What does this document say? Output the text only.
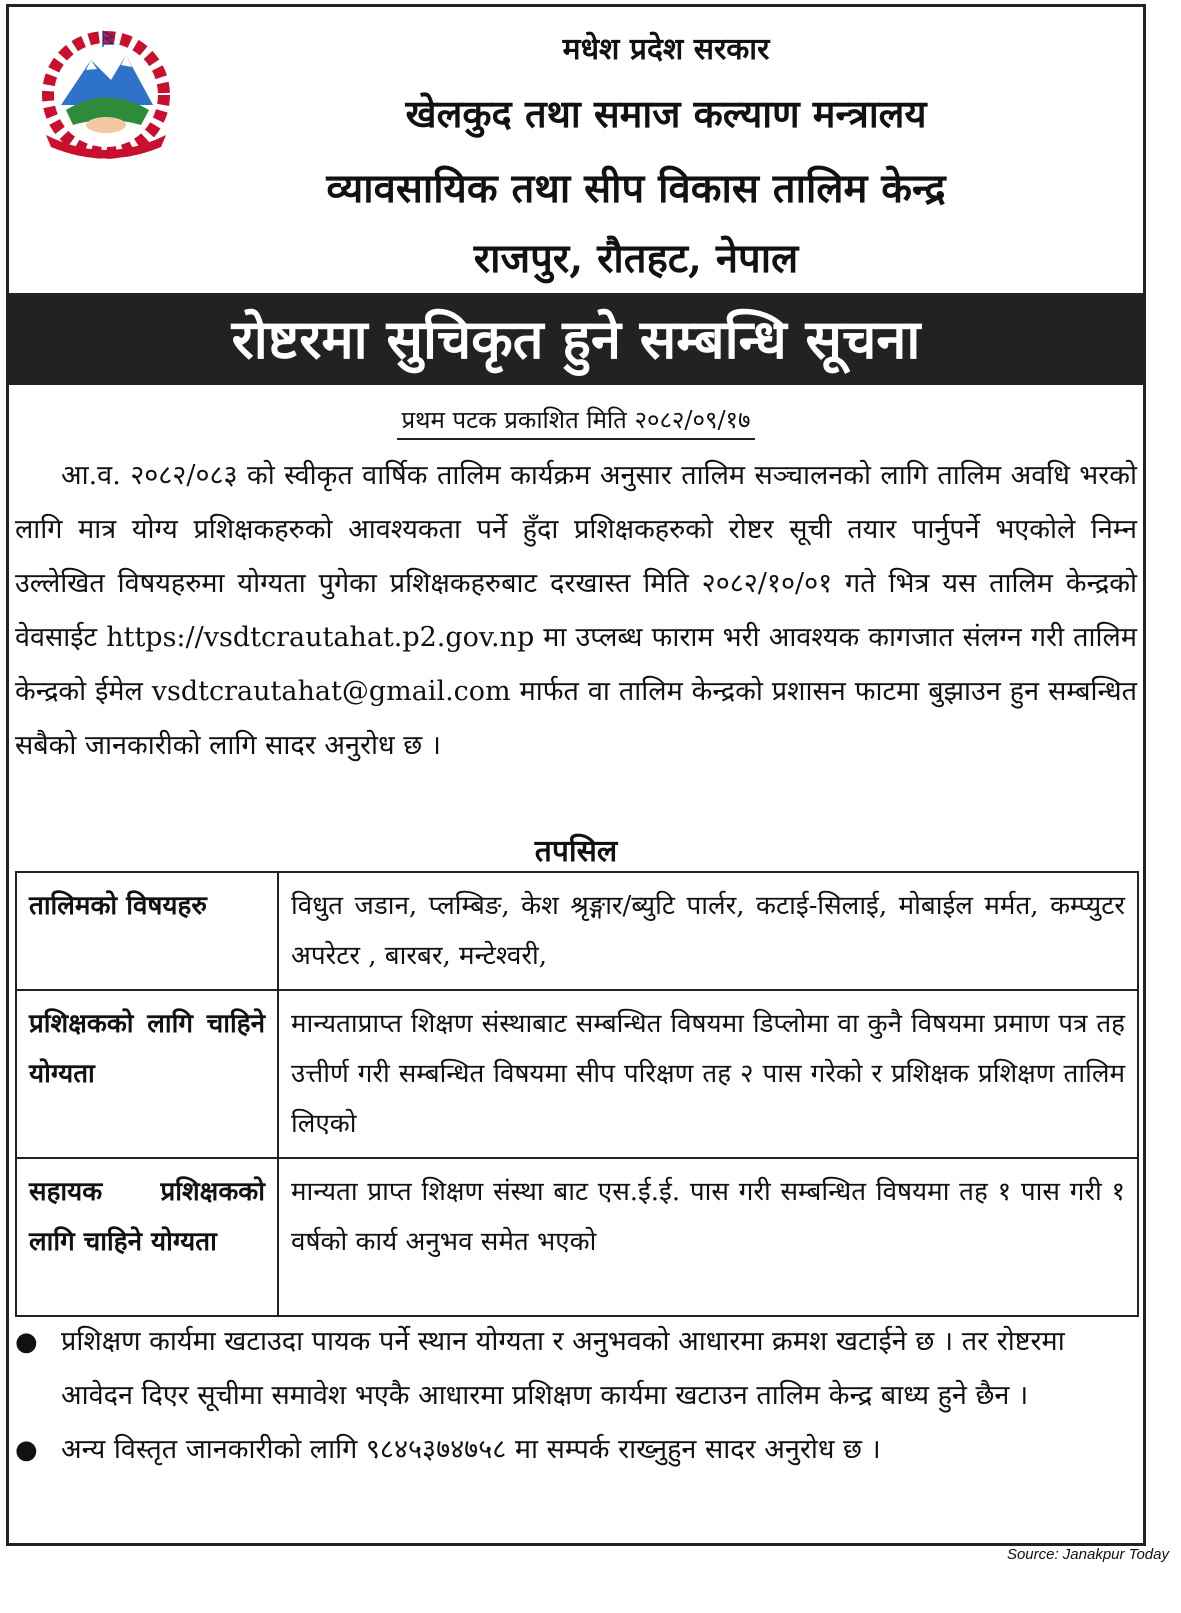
मधेश प्रदेश सरकार
खेलकुद तथा समाज कल्याण मन्त्रालय
व्यावसायिक तथा सीप विकास तालिम केन्द्र
राजपुर, रौतहट, नेपाल
रोष्टरमा सुचिकृत हुने सम्बन्धि सूचना
प्रथम पटक प्रकाशित मिति २०८२/०९/१७
आ.व. २०८२/०८३ को स्वीकृत वार्षिक तालिम कार्यक्रम अनुसार तालिम सञ्चालनको लागि तालिम अवधि भरको लागि मात्र योग्य प्रशिक्षकहरुको आवश्यकता पर्ने हुँदा प्रशिक्षकहरुको रोष्टर सूची तयार पार्नुपर्ने भएकोले निम्न उल्लेखित विषयहरुमा योग्यता पुगेका प्रशिक्षकहरुबाट दरखास्त मिति २०८२/१०/०१ गते भित्र यस तालिम केन्द्रको वेवसाईट https://vsdtcrautahat.p2.gov.np मा उप्लब्ध फाराम भरी आवश्यक कागजात संलग्न गरी तालिम केन्द्रको ईमेल vsdtcrautahat@gmail.com मार्फत वा तालिम केन्द्रको प्रशासन फाटमा बुझाउन हुन सम्बन्धित सबैको जानकारीको लागि सादर अनुरोध छ ।
तपसिल
तालिमको विषयहरु	विधुत जडान, प्लम्बिङ, केश श्रृङ्गार/ब्युटि पार्लर, कटाई-सिलाई, मोबाईल मर्मत, कम्प्युटर अपरेटर , बारबर, मन्टेश्वरी,
प्रशिक्षकको लागि चाहिने योग्यता	मान्यताप्राप्त शिक्षण संस्थाबाट सम्बन्धित विषयमा डिप्लोमा वा कुनै विषयमा प्रमाण पत्र तह उत्तीर्ण गरी सम्बन्धित विषयमा सीप परिक्षण तह २ पास गरेको र प्रशिक्षक प्रशिक्षण तालिम लिएको
सहायक प्रशिक्षकको लागि चाहिने योग्यता	मान्यता प्राप्त शिक्षण संस्था बाट एस.ई.ई. पास गरी सम्बन्धित विषयमा तह १ पास गरी १ वर्षको कार्य अनुभव समेत भएको
● प्रशिक्षण कार्यमा खटाउदा पायक पर्ने स्थान योग्यता र अनुभवको आधारमा क्रमश खटाईने छ । तर रोष्टरमा आवेदन दिएर सूचीमा समावेश भएकै आधारमा प्रशिक्षण कार्यमा खटाउन तालिम केन्द्र बाध्य हुने छैन ।
● अन्य विस्तृत जानकारीको लागि ९८४५३७४७५८ मा सम्पर्क राख्नुहुन सादर अनुरोध छ ।
Source: Janakpur Today
